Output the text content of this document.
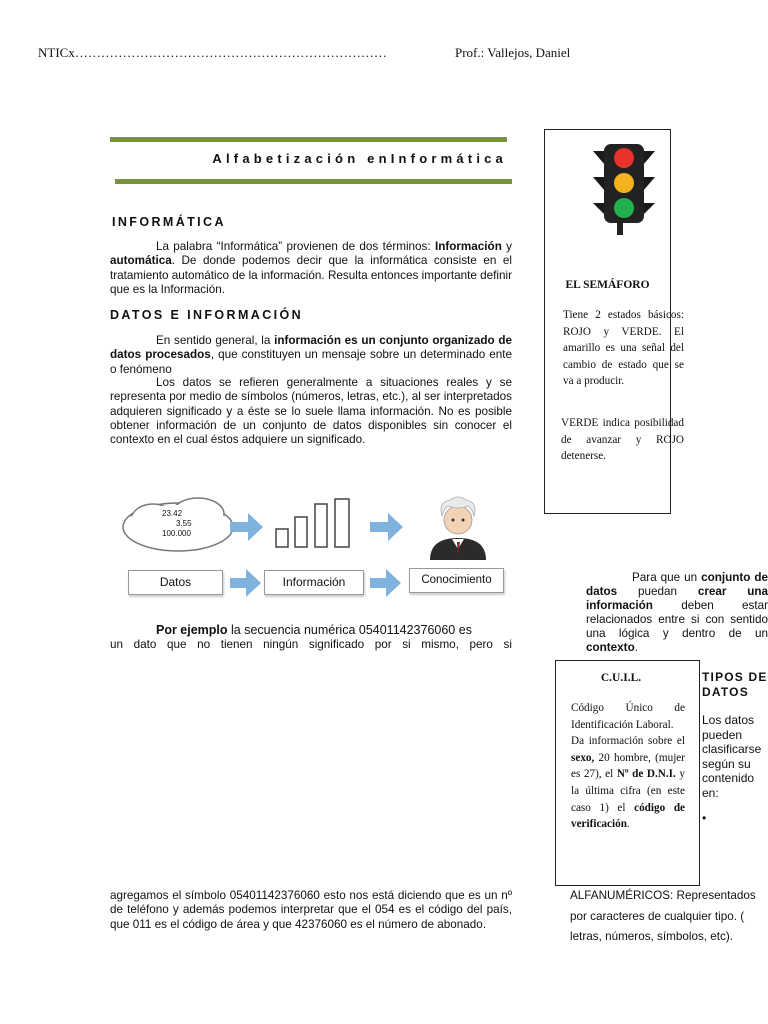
NTICx………………………………………………………………	Prof.: Vallejos, Daniel
Alfabetización enInformática
INFORMÁTICA
La palabra “Informática” provienen de dos términos: Información y automática. De donde podemos decir que la informática consiste en el tratamiento automático de la información. Resulta entonces importante definir que es la Información.
DATOS E INFORMACIÓN
En sentido general, la información es un conjunto organizado de datos procesados, que constituyen un mensaje sobre un determinado ente o fenómeno
Los datos se refieren generalmente a situaciones reales y se representa por medio de símbolos (números, letras, etc.), al ser interpretados adquieren significado y a éste se lo suele llama información. No es posible obtener información de un conjunto de datos disponibles sin conocer el contexto en el cual éstos adquiere un significado.
23.42
3.55
100.000
Datos	Información	Conocimiento
Por ejemplo la secuencia numérica 05401142376060 es
un dato que no tienen ningún significado por si mismo, pero si
agregamos el símbolo 05401142376060 esto nos está diciendo que es un nº de teléfono y además podemos interpretar que el 054 es el código del país, que 011 es el código de área y que 42376060 es el número de abonado.
EL SEMÁFORO
Tiene 2 estados básicos: ROJO y VERDE. El amarillo es una señal del cambio de estado que se va a producir.
VERDE indica posibilidad de avanzar y ROJO detenerse.
Para que un conjunto de datos puedan crear una información deben estar relacionados entre si con sentido una lógica y dentro de un contexto.
C.U.I.L.
Código Único de Identificación Laboral.
Da información sobre el sexo, 20 hombre, (mujer es 27), el Nº de D.N.I. y la última cifra (en este caso 1) el código de verificación.
TIPOS DE DATOS
Los datos pueden clasificarse según su contenido en:
•
ALFANUMÉRICOS: Representados por caracteres de cualquier tipo. ( letras, números, símbolos, etc).
